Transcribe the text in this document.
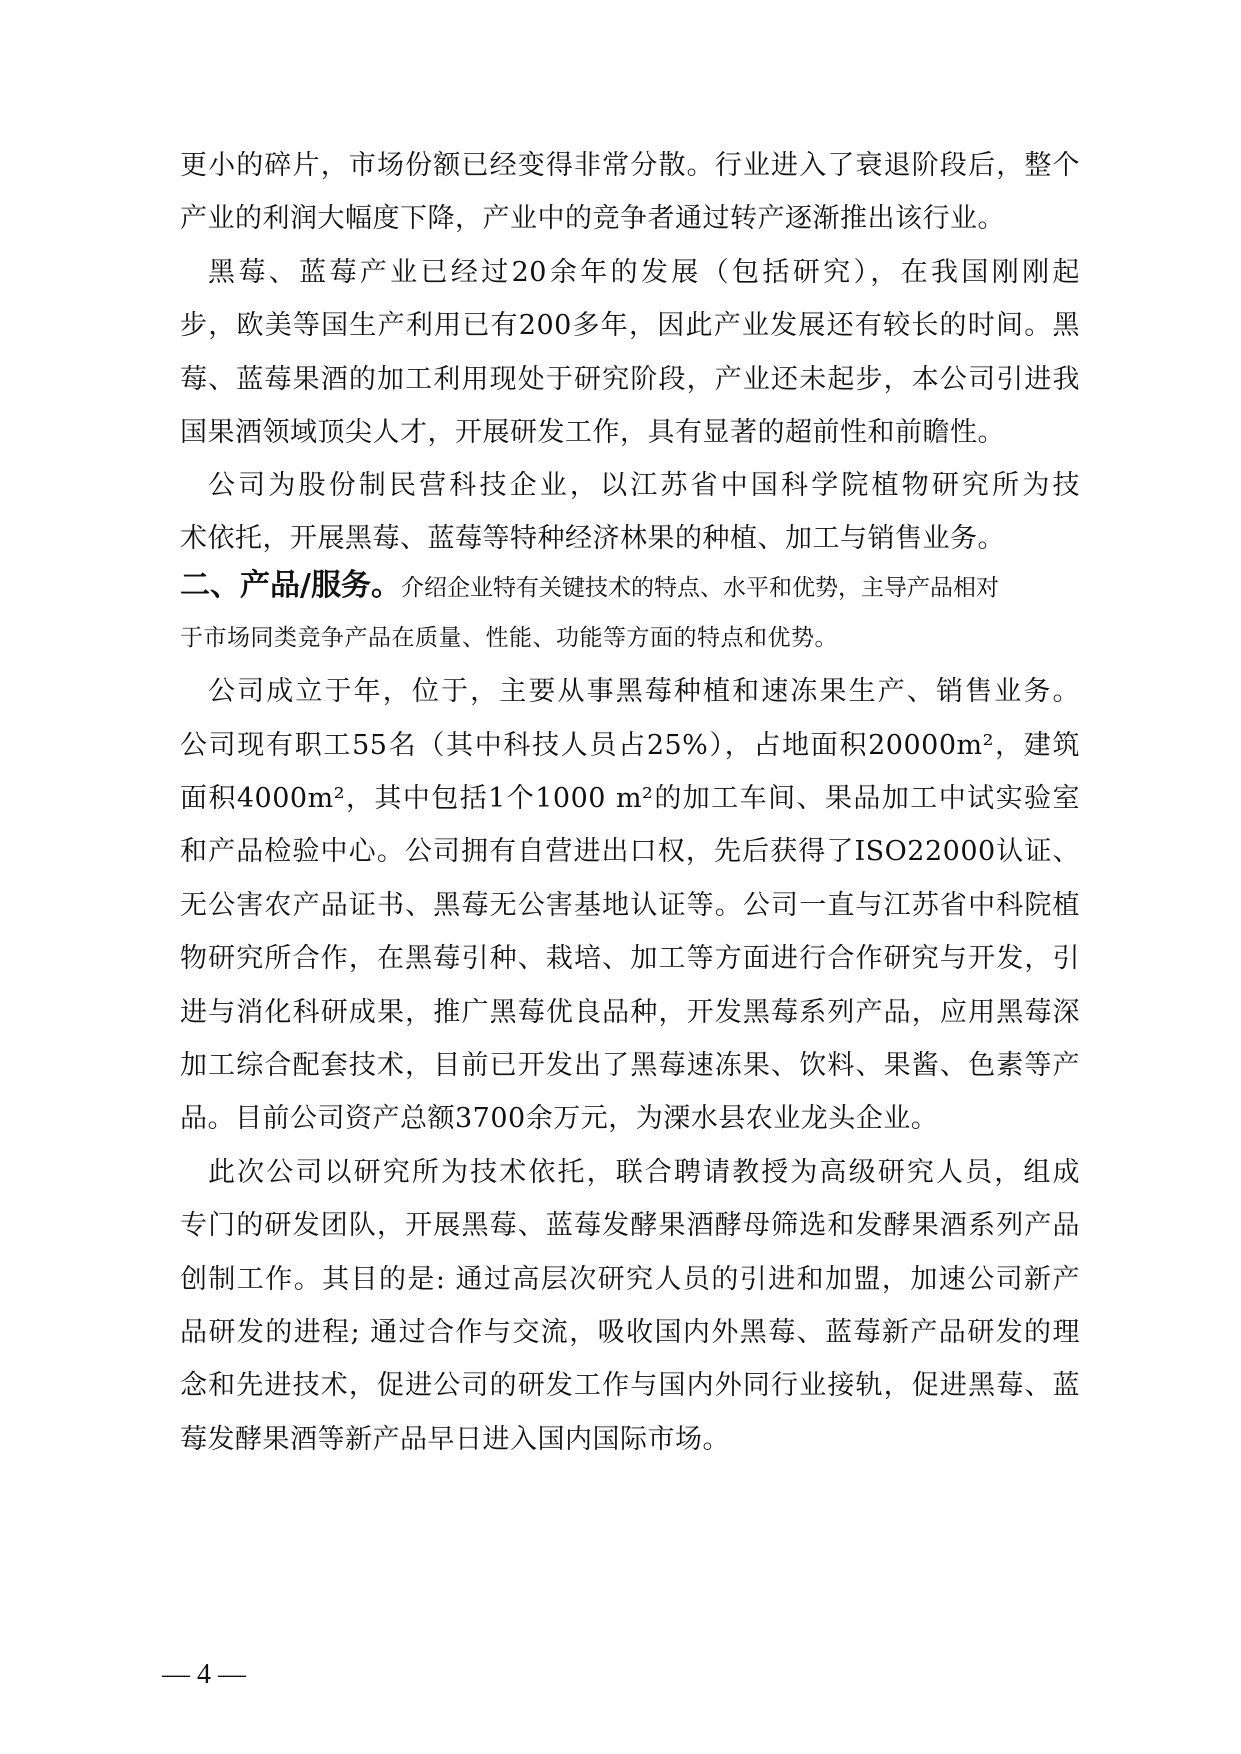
更小的碎片，市场份额已经变得非常分散。行业进入了衰退阶段后，整个
产业的利润大幅度下降，产业中的竞争者通过转产逐渐推出该行业。
黑莓、蓝莓产业已经过20余年的发展（包括研究），在我国刚刚起
步，欧美等国生产利用已有200多年，因此产业发展还有较长的时间。黑
莓、蓝莓果酒的加工利用现处于研究阶段，产业还未起步，本公司引进我
国果酒领域顶尖人才，开展研发工作，具有显著的超前性和前瞻性。
公司为股份制民营科技企业，以江苏省中国科学院植物研究所为技
术依托，开展黑莓、蓝莓等特种经济林果的种植、加工与销售业务。
二、产品/服务。介绍企业特有关键技术的特点、水平和优势，主导产品相对
于市场同类竞争产品在质量、性能、功能等方面的特点和优势。
公司成立于年，位于，主要从事黑莓种植和速冻果生产、销售业务。
公司现有职工55名（其中科技人员占25%），占地面积20000m²，建筑
面积4000m²，其中包括1个1000 m²的加工车间、果品加工中试实验室
和产品检验中心。公司拥有自营进出口权，先后获得了ISO22000认证、
无公害农产品证书、黑莓无公害基地认证等。公司一直与江苏省中科院植
物研究所合作，在黑莓引种、栽培、加工等方面进行合作研究与开发，引
进与消化科研成果，推广黑莓优良品种，开发黑莓系列产品，应用黑莓深
加工综合配套技术，目前已开发出了黑莓速冻果、饮料、果酱、色素等产
品。目前公司资产总额3700余万元，为溧水县农业龙头企业。
此次公司以研究所为技术依托，联合聘请教授为高级研究人员，组成
专门的研发团队，开展黑莓、蓝莓发酵果酒酵母筛选和发酵果酒系列产品
创制工作。其目的是: 通过高层次研究人员的引进和加盟，加速公司新产
品研发的进程; 通过合作与交流，吸收国内外黑莓、蓝莓新产品研发的理
念和先进技术，促进公司的研发工作与国内外同行业接轨，促进黑莓、蓝
莓发酵果酒等新产品早日进入国内国际市场。
— 4 —
